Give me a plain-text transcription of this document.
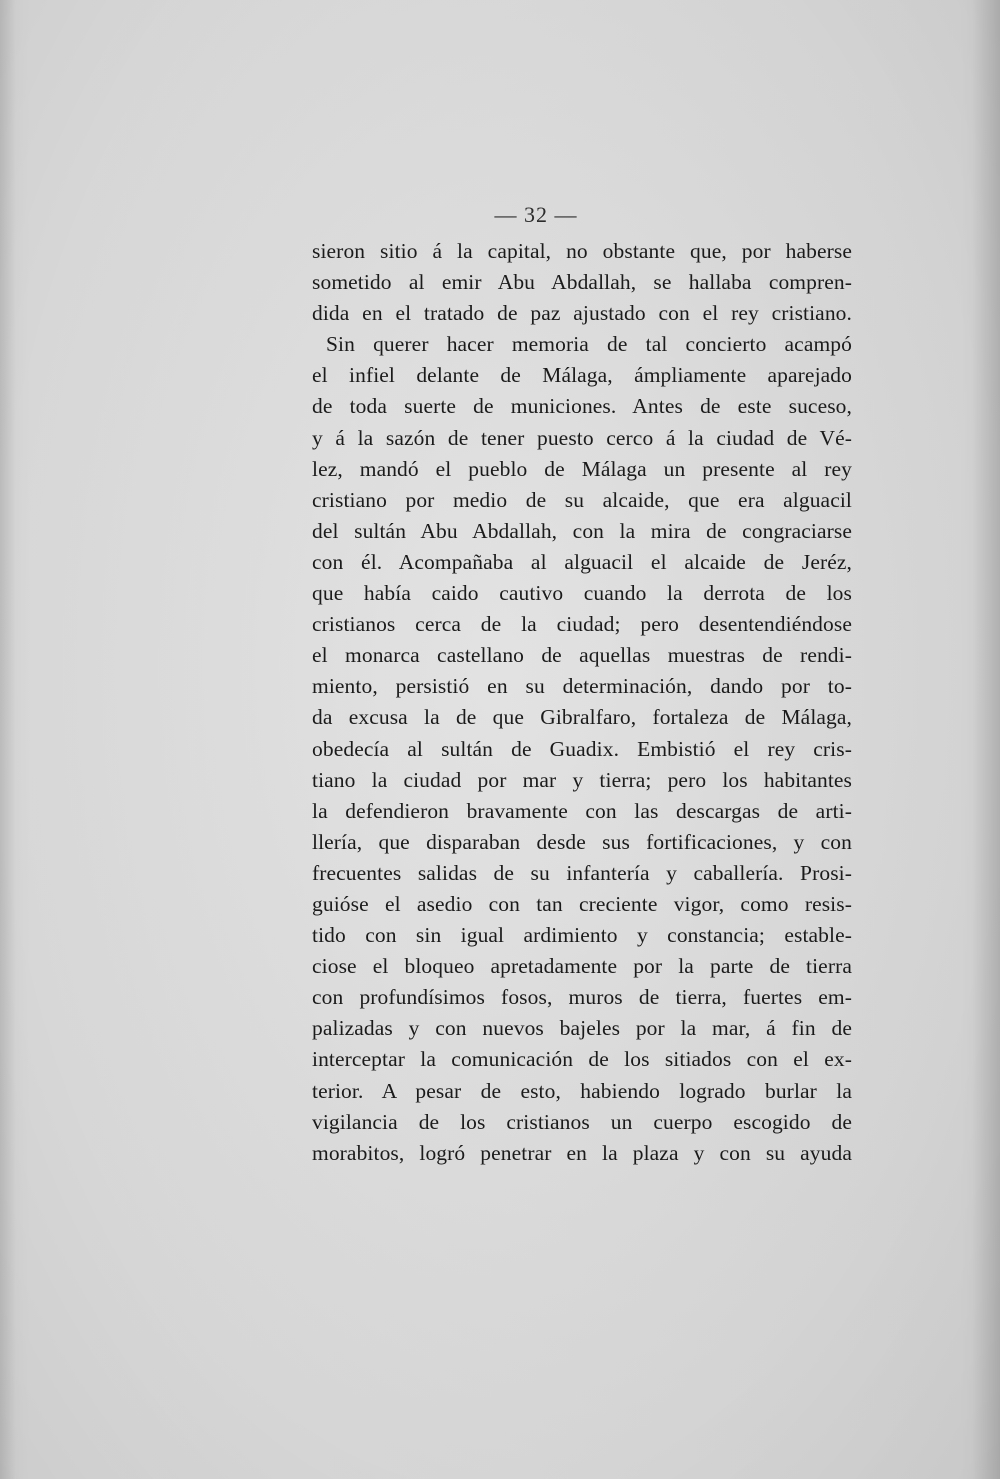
— 32 —
sieron sitio á la capital, no obstante que, por haberse
sometido al emir Abu Abdallah, se hallaba compren-
dida en el tratado de paz ajustado con el rey cristiano.
Sin querer hacer memoria de tal concierto acampó
el infiel delante de Málaga, ámpliamente aparejado
de toda suerte de municiones. Antes de este suceso,
y á la sazón de tener puesto cerco á la ciudad de Vé-
lez, mandó el pueblo de Málaga un presente al rey
cristiano por medio de su alcaide, que era alguacil
del sultán Abu Abdallah, con la mira de congraciarse
con él. Acompañaba al alguacil el alcaide de Jeréz,
que había caido cautivo cuando la derrota de los
cristianos cerca de la ciudad; pero desentendiéndose
el monarca castellano de aquellas muestras de rendi-
miento, persistió en su determinación, dando por to-
da excusa la de que Gibralfaro, fortaleza de Málaga,
obedecía al sultán de Guadix. Embistió el rey cris-
tiano la ciudad por mar y tierra; pero los habitantes
la defendieron bravamente con las descargas de arti-
llería, que disparaban desde sus fortificaciones, y con
frecuentes salidas de su infantería y caballería. Prosi-
guióse el asedio con tan creciente vigor, como resis-
tido con sin igual ardimiento y constancia; estable-
ciose el bloqueo apretadamente por la parte de tierra
con profundísimos fosos, muros de tierra, fuertes em-
palizadas y con nuevos bajeles por la mar, á fin de
interceptar la comunicación de los sitiados con el ex-
terior. A pesar de esto, habiendo logrado burlar la
vigilancia de los cristianos un cuerpo escogido de
morabitos, logró penetrar en la plaza y con su ayuda
